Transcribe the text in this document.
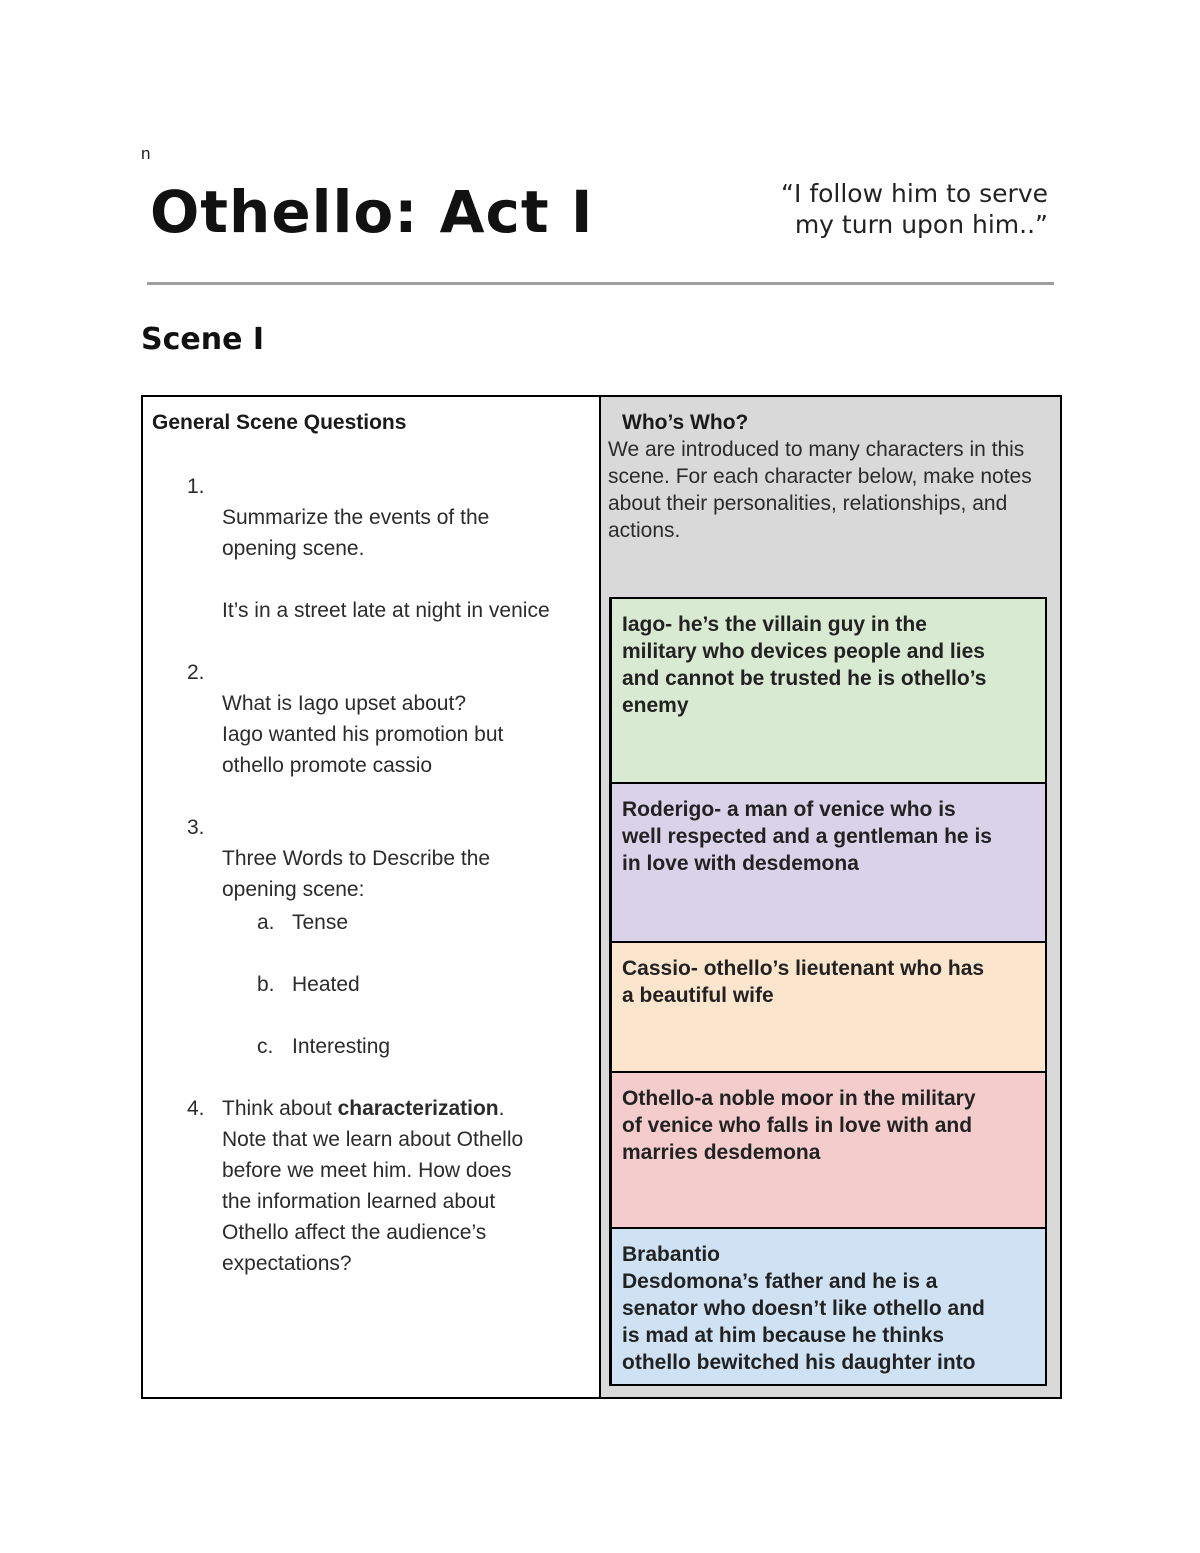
n
Othello: Act I	“I follow him to serve
my turn upon him..”
Scene I

General Scene Questions

1.

Summarize the events of the
opening scene.

It’s in a street late at night in venice

2.

What is Iago upset about?

Iago wanted his promotion but
othello promote cassio

3.

Three Words to Describe the
opening scene:

a. Tense
b. Heated
c. Interesting
4. Think about characterization.
Note that we learn about Othello
before we meet him. How does
the information learned about
Othello affect the audience’s
expectations?

Who’s Who?

We are introduced to many characters in this scene. For each character below, make notes about their personalities, relationships, and actions.

Iago- he’s the villain guy in the
military who devices people and lies
and cannot be trusted he is othello’s
enemy
Roderigo- a man of venice who is
well respected and a gentleman he is
in love with desdemona
Cassio- othello’s lieutenant who has
a beautiful wife
Othello-a noble moor in the military
of venice who falls in love with and
marries desdemona
Brabantio
Desdomona’s father and he is a
senator who doesn’t like othello and
is mad at him because he thinks
othello bewitched his daughter into
